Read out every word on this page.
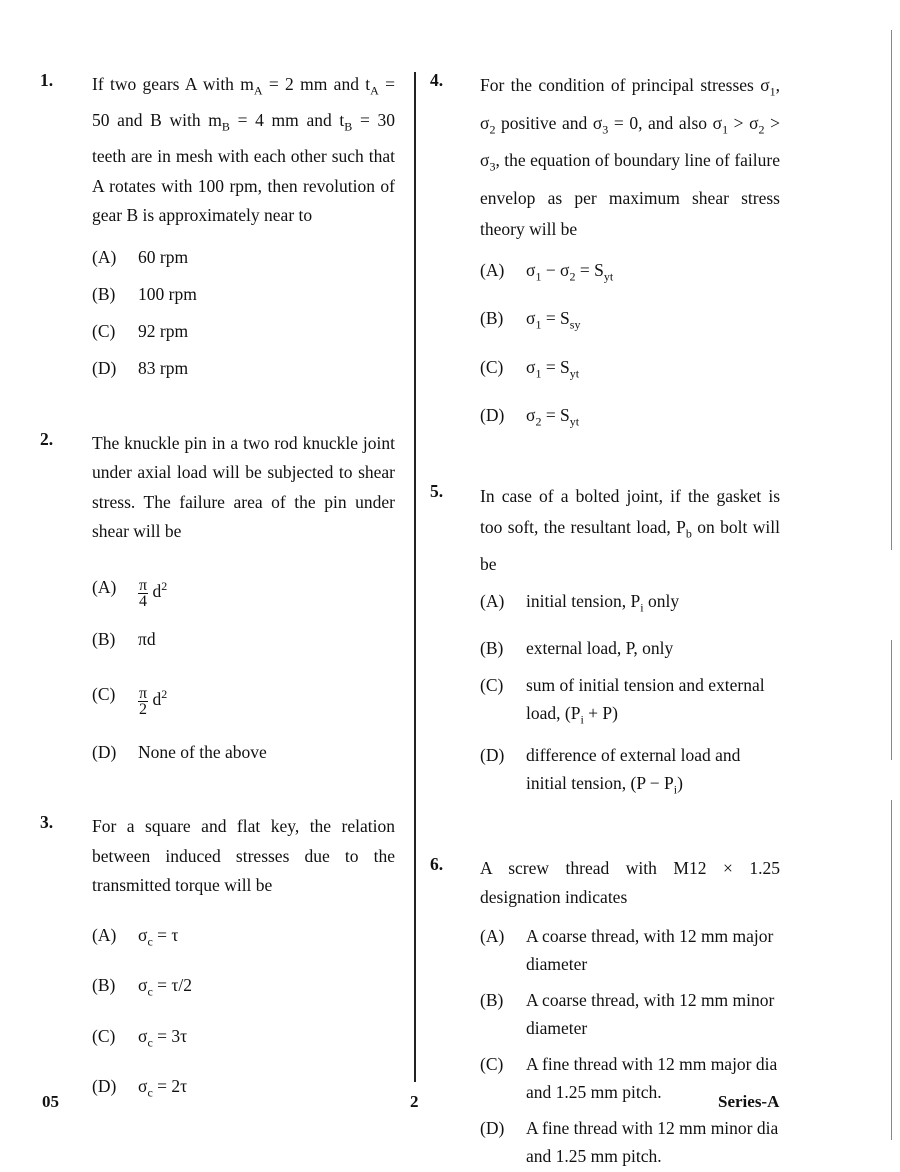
1. If two gears A with $m_A = 2$ mm and $t_A = 50$ and B with $m_B = 4$ mm and $t_B = 30$ teeth are in mesh with each other such that A rotates with 100 rpm, then revolution of gear B is approximately near to
(A) 60 rpm
(B) 100 rpm
(C) 92 rpm
(D) 83 rpm
2. The knuckle pin in a two rod knuckle joint under axial load will be subjected to shear stress. The failure area of the pin under shear will be
$(A) \frac{\pi}{4} d^2$
(B) πd
$(C) \frac{\pi}{2} d^2$
(D) None of the above
3. For a square and flat key, the relation between induced stresses due to the transmitted torque will be
(A) $\sigma_c = \tau$
(B) $\sigma_c = \tau/2$
(C) $\sigma_c = 3\tau$
(D) $\sigma_c = 2\tau$
4. For the condition of principal stresses $\sigma_1$, $\sigma_2$ positive and $\sigma_3 = 0$, and also $\sigma_1 > \sigma_2 > \sigma_3$, the equation of boundary line of failure envelop as per maximum shear stress theory will be
(A) $\sigma_1 - \sigma_2 = S_{yt}$
(B) $\sigma_1 = S_{sy}$
(C) $\sigma_1 = S_{yt}$
(D) $\sigma_2 = S_{yt}$
5. In case of a bolted joint, if the gasket is too soft, the resultant load, $P_b$ on bolt will be
(A) initial tension, $P_i$ only
(B) external load, P, only
(C) sum of initial tension and external load, $(P_i + P)$
(D) difference of external load and initial tension, $(P - P_i)$
6. A screw thread with M12 × 1.25 designation indicates
(A) A coarse thread, with 12 mm major diameter
(B) A coarse thread, with 12 mm minor diameter
(C) A fine thread with 12 mm major dia and 1.25 mm pitch.
(D) A fine thread with 12 mm minor dia and 1.25 mm pitch.
05	2	Series-A
